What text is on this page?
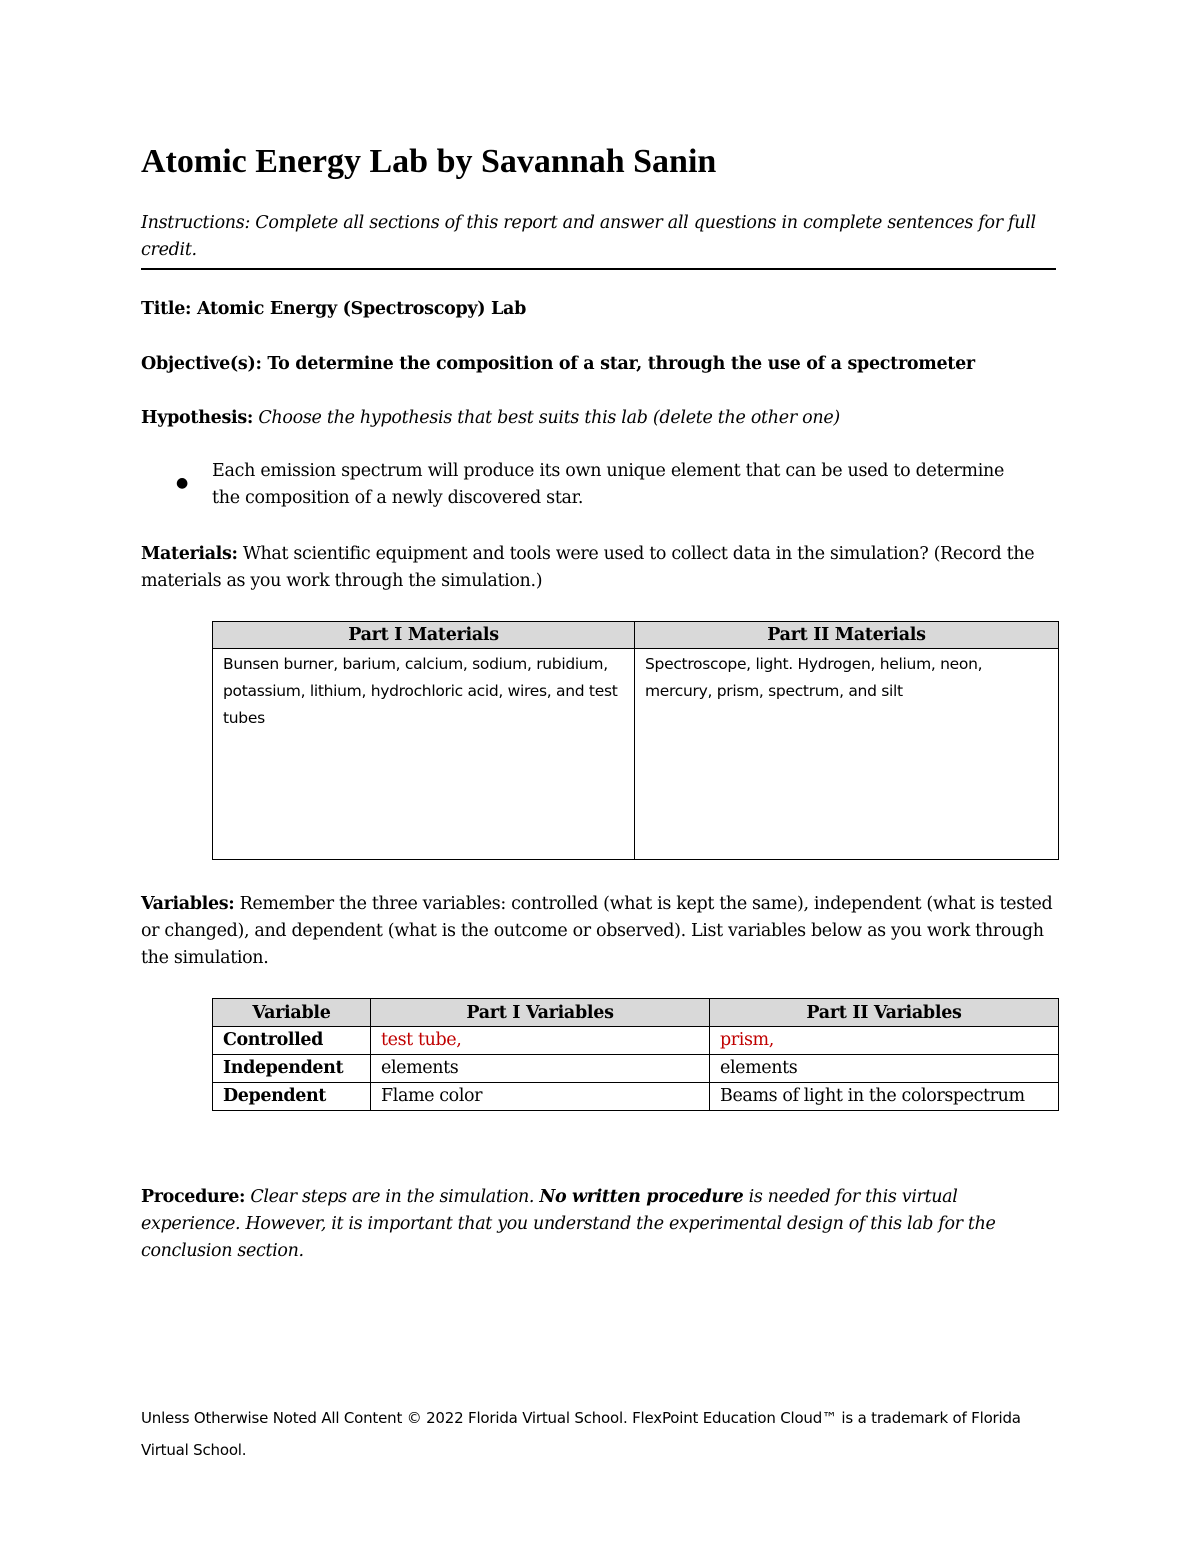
Atomic Energy Lab by Savannah Sanin
Instructions: Complete all sections of this report and answer all questions in complete sentences for full credit.
Title: Atomic Energy (Spectroscopy) Lab
Objective(s): To determine the composition of a star, through the use of a spectrometer
Hypothesis: Choose the hypothesis that best suits this lab (delete the other one)
●
Each emission spectrum will produce its own unique element that can be used to determine the composition of a newly discovered star.
Materials: What scientific equipment and tools were used to collect data in the simulation? (Record the materials as you work through the simulation.)
Part I Materials	Part II Materials
Bunsen burner, barium, calcium, sodium, rubidium, potassium, lithium, hydrochloric acid, wires, and test tubes	Spectroscope, light. Hydrogen, helium, neon, mercury, prism, spectrum, and silt
Variables: Remember the three variables: controlled (what is kept the same), independent (what is tested or changed), and dependent (what is the outcome or observed). List variables below as you work through the simulation.
Variable	Part I Variables	Part II Variables
Controlled	test tube,	prism,
Independent	elements	elements
Dependent	Flame color	Beams of light in the colorspectrum
Procedure: Clear steps are in the simulation. No written procedure is needed for this virtual experience. However, it is important that you understand the experimental design of this lab for the conclusion section.
Unless Otherwise Noted All Content © 2022 Florida Virtual School. FlexPoint Education Cloud™ is a trademark of Florida Virtual School.
